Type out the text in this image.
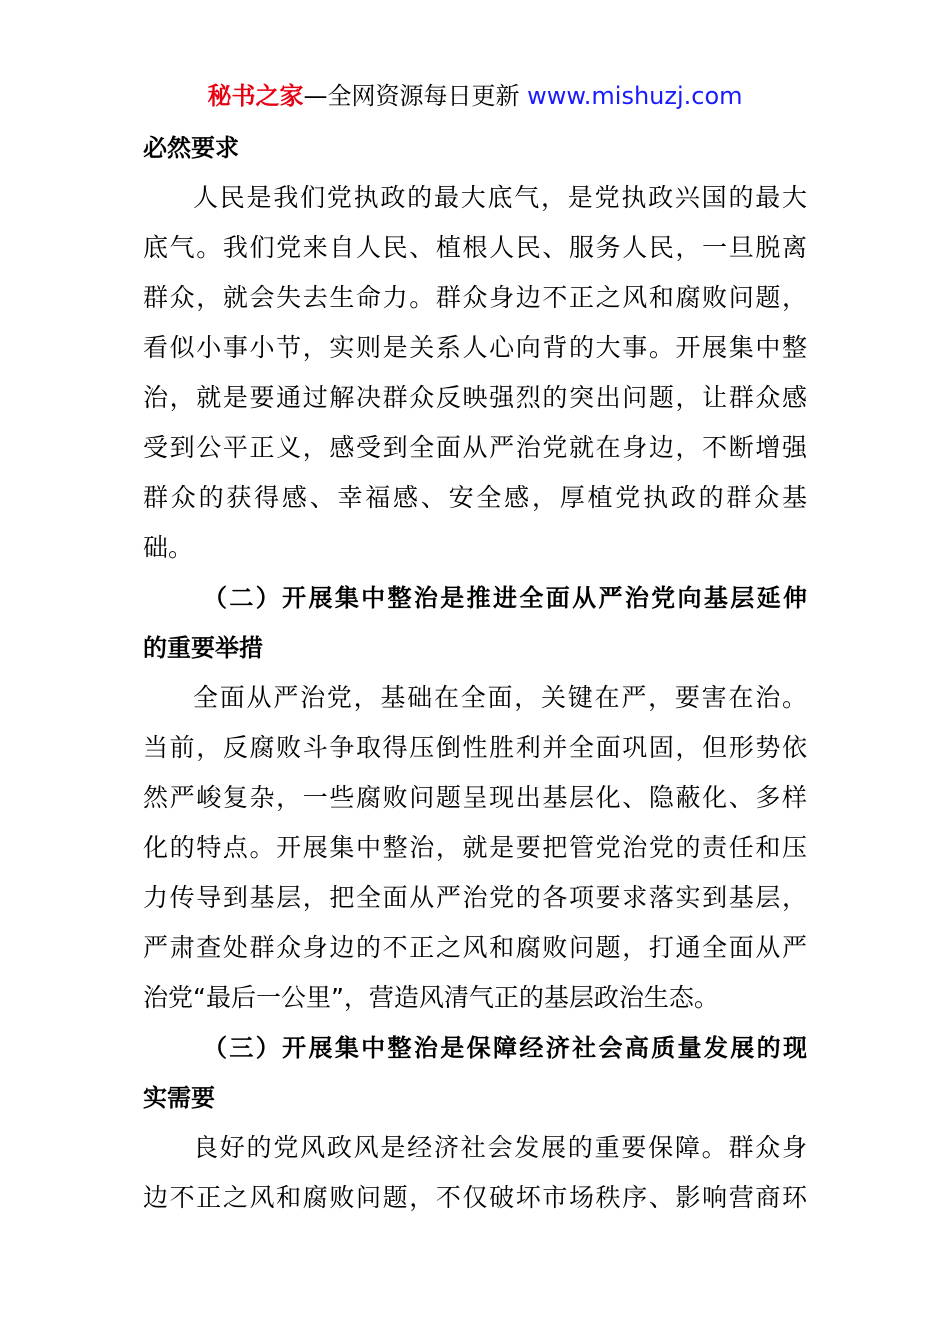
秘书之家—全网资源每日更新 www.mishuzj.com
必然要求
人民是我们党执政的最大底气，是党执政兴国的最大
底气。我们党来自人民、植根人民、服务人民，一旦脱离
群众，就会失去生命力。群众身边不正之风和腐败问题，
看似小事小节，实则是关系人心向背的大事。开展集中整
治，就是要通过解决群众反映强烈的突出问题，让群众感
受到公平正义，感受到全面从严治党就在身边，不断增强
群众的获得感、幸福感、安全感，厚植党执政的群众基
础。
（二）开展集中整治是推进全面从严治党向基层延伸
的重要举措
全面从严治党，基础在全面，关键在严，要害在治。
当前，反腐败斗争取得压倒性胜利并全面巩固，但形势依
然严峻复杂，一些腐败问题呈现出基层化、隐蔽化、多样
化的特点。开展集中整治，就是要把管党治党的责任和压
力传导到基层，把全面从严治党的各项要求落实到基层，
严肃查处群众身边的不正之风和腐败问题，打通全面从严
治党“最后一公里”，营造风清气正的基层政治生态。
（三）开展集中整治是保障经济社会高质量发展的现
实需要
良好的党风政风是经济社会发展的重要保障。群众身
边不正之风和腐败问题，不仅破坏市场秩序、影响营商环
